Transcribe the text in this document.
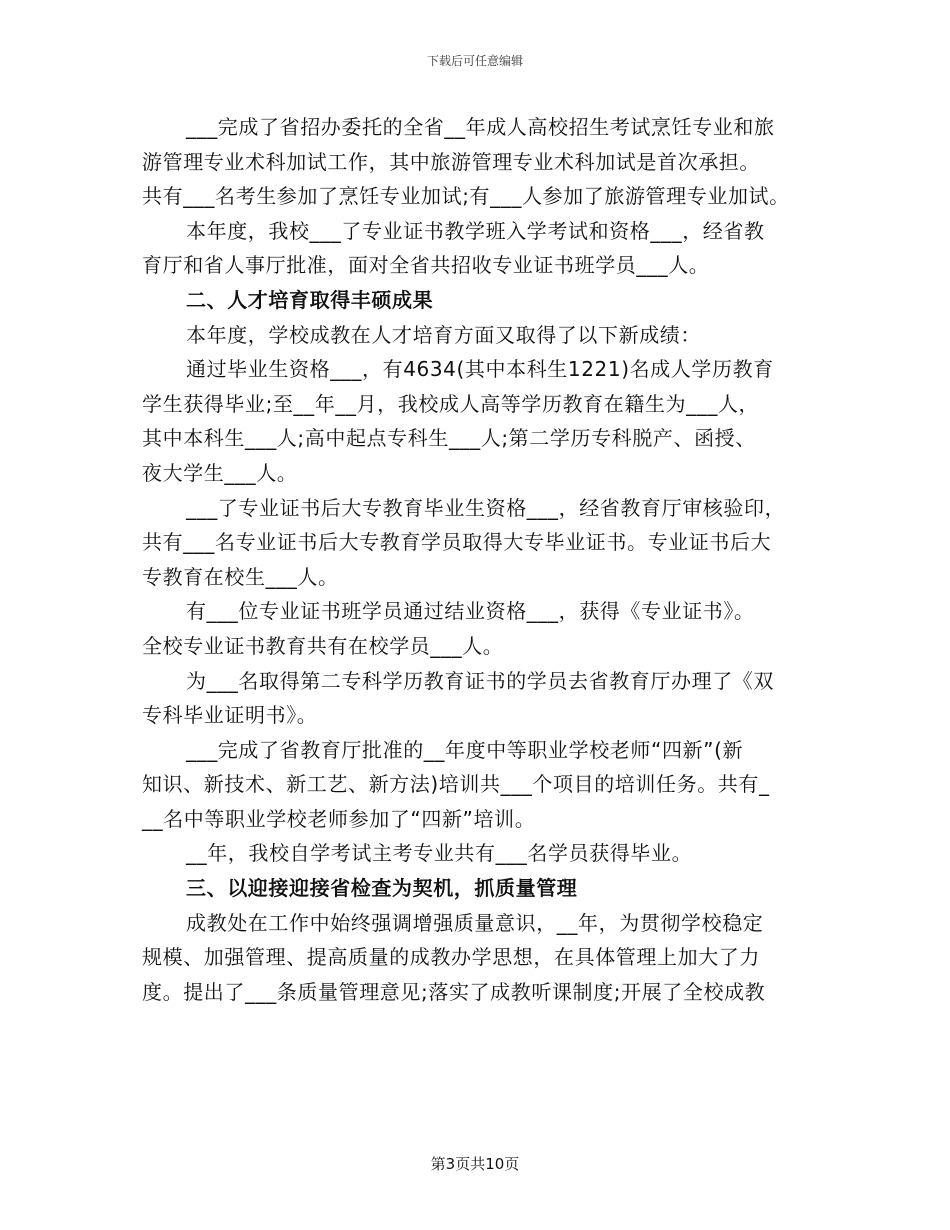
下载后可任意编辑
___完成了省招办委托的全省__年成人高校招生考试烹饪专业和旅
游管理专业术科加试工作，其中旅游管理专业术科加试是首次承担。
共有___名考生参加了烹饪专业加试;有___人参加了旅游管理专业加试。
本年度，我校___了专业证书教学班入学考试和资格___，经省教
育厅和省人事厅批准，面对全省共招收专业证书班学员___人。
二、人才培育取得丰硕成果
本年度，学校成教在人才培育方面又取得了以下新成绩：
通过毕业生资格___，有4634(其中本科生1221)名成人学历教育
学生获得毕业;至__年__月，我校成人高等学历教育在籍生为___人，
其中本科生___人;高中起点专科生___人;第二学历专科脱产、函授、
夜大学生___人。
___了专业证书后大专教育毕业生资格___，经省教育厅审核验印，
共有___名专业证书后大专教育学员取得大专毕业证书。专业证书后大
专教育在校生___人。
有___位专业证书班学员通过结业资格___，获得《专业证书》。
全校专业证书教育共有在校学员___人。
为___名取得第二专科学历教育证书的学员去省教育厅办理了《双
专科毕业证明书》。
___完成了省教育厅批准的__年度中等职业学校老师“四新”(新
知识、新技术、新工艺、新方法)培训共___个项目的培训任务。共有_
__名中等职业学校老师参加了“四新”培训。
__年，我校自学考试主考专业共有___名学员获得毕业。
三、以迎接迎接省检查为契机，抓质量管理
成教处在工作中始终强调增强质量意识，__年，为贯彻学校稳定
规模、加强管理、提高质量的成教办学思想，在具体管理上加大了力
度。提出了___条质量管理意见;落实了成教听课制度;开展了全校成教
第3页共10页
